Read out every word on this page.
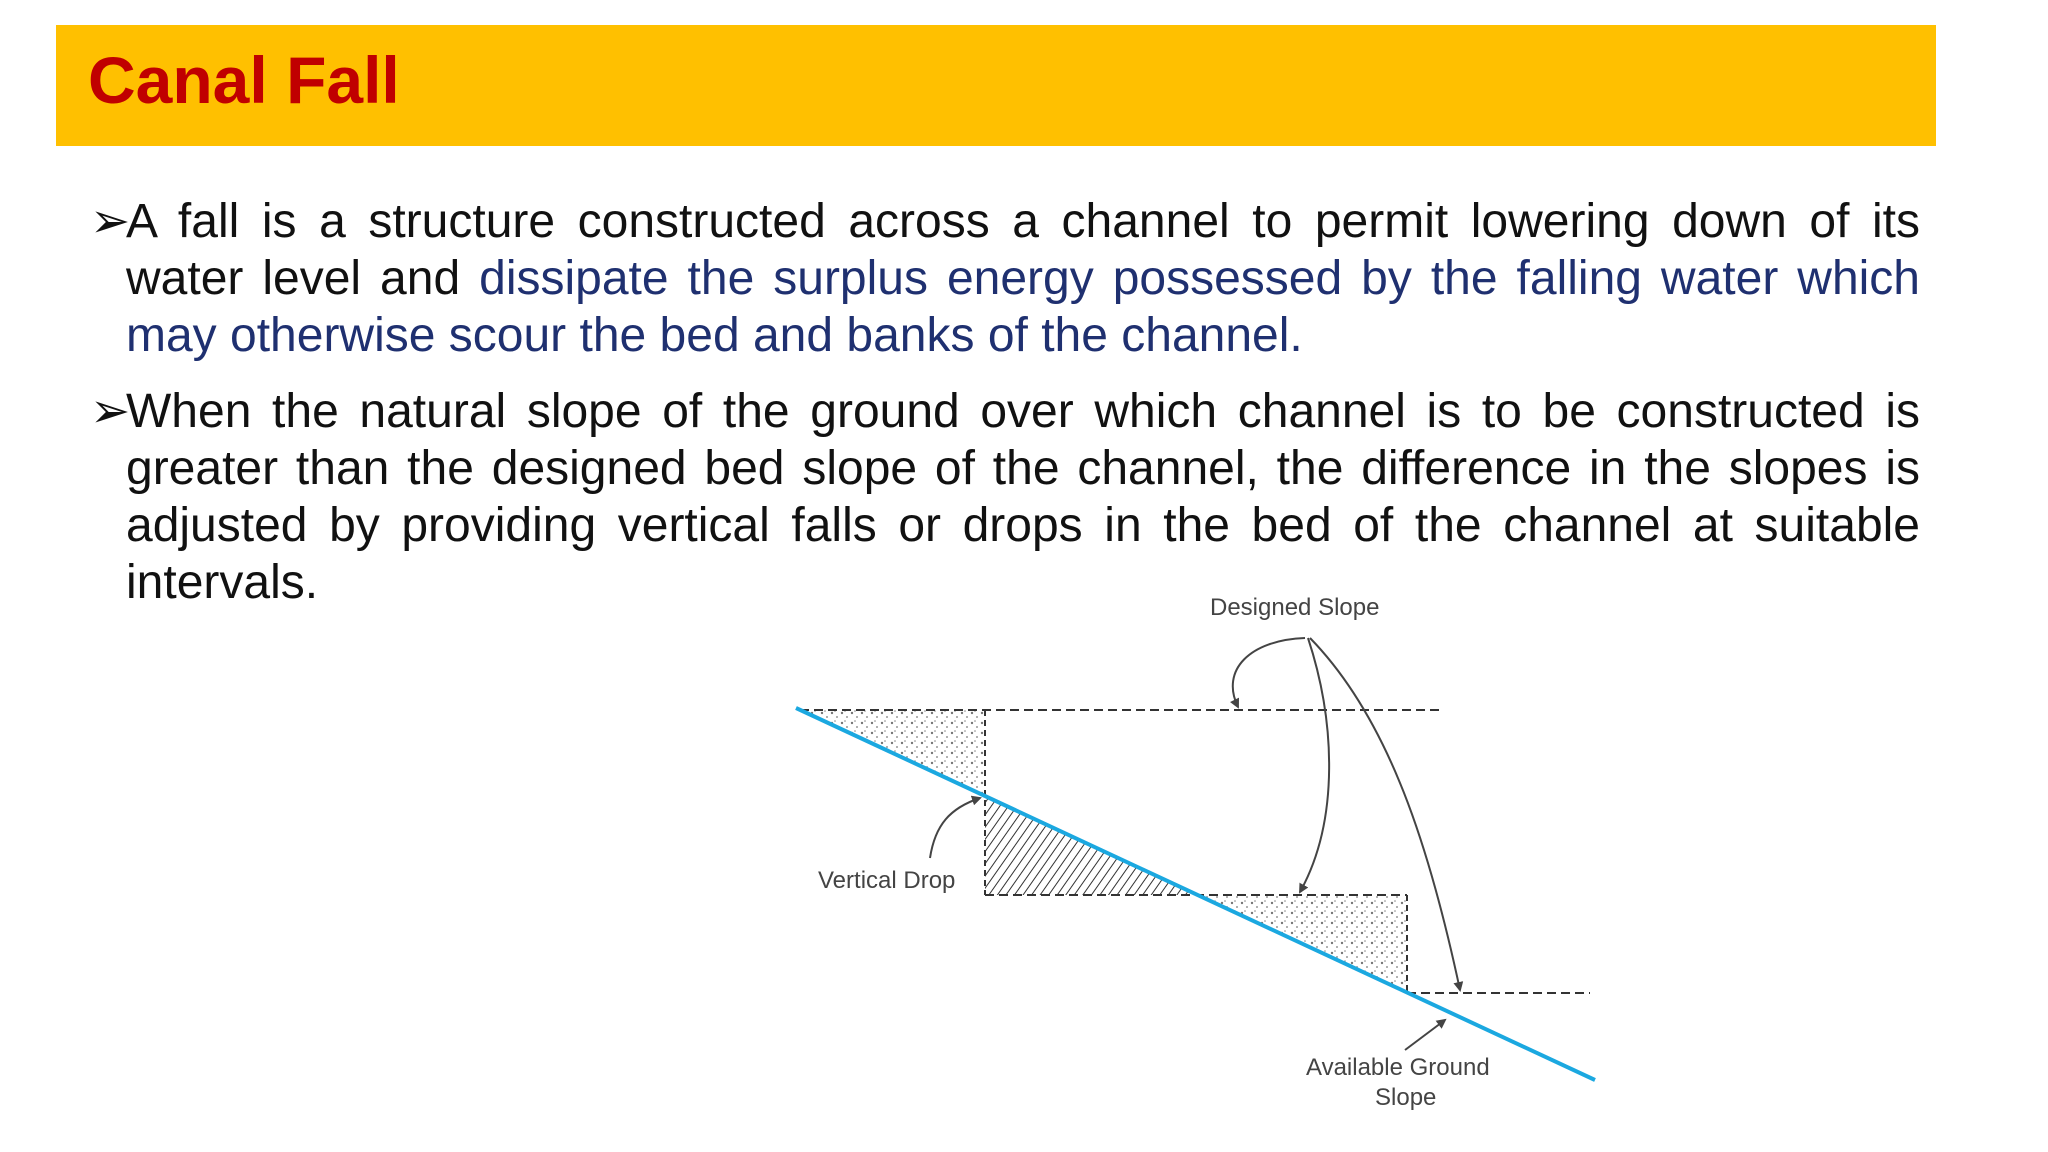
Canal Fall
➢
A fall is a structure constructed across a channel to permit lowering down of its water level and dissipate the surplus energy possessed by the falling water which may otherwise scour the bed and banks of the channel.
➢
When the natural slope of the ground over which channel is to be constructed is greater than the designed bed slope of the channel, the difference in the slopes is adjusted by providing vertical falls or drops in the bed of the channel at suitable intervals.	Designed Slope
Vertical Drop
Available Ground
Slope
